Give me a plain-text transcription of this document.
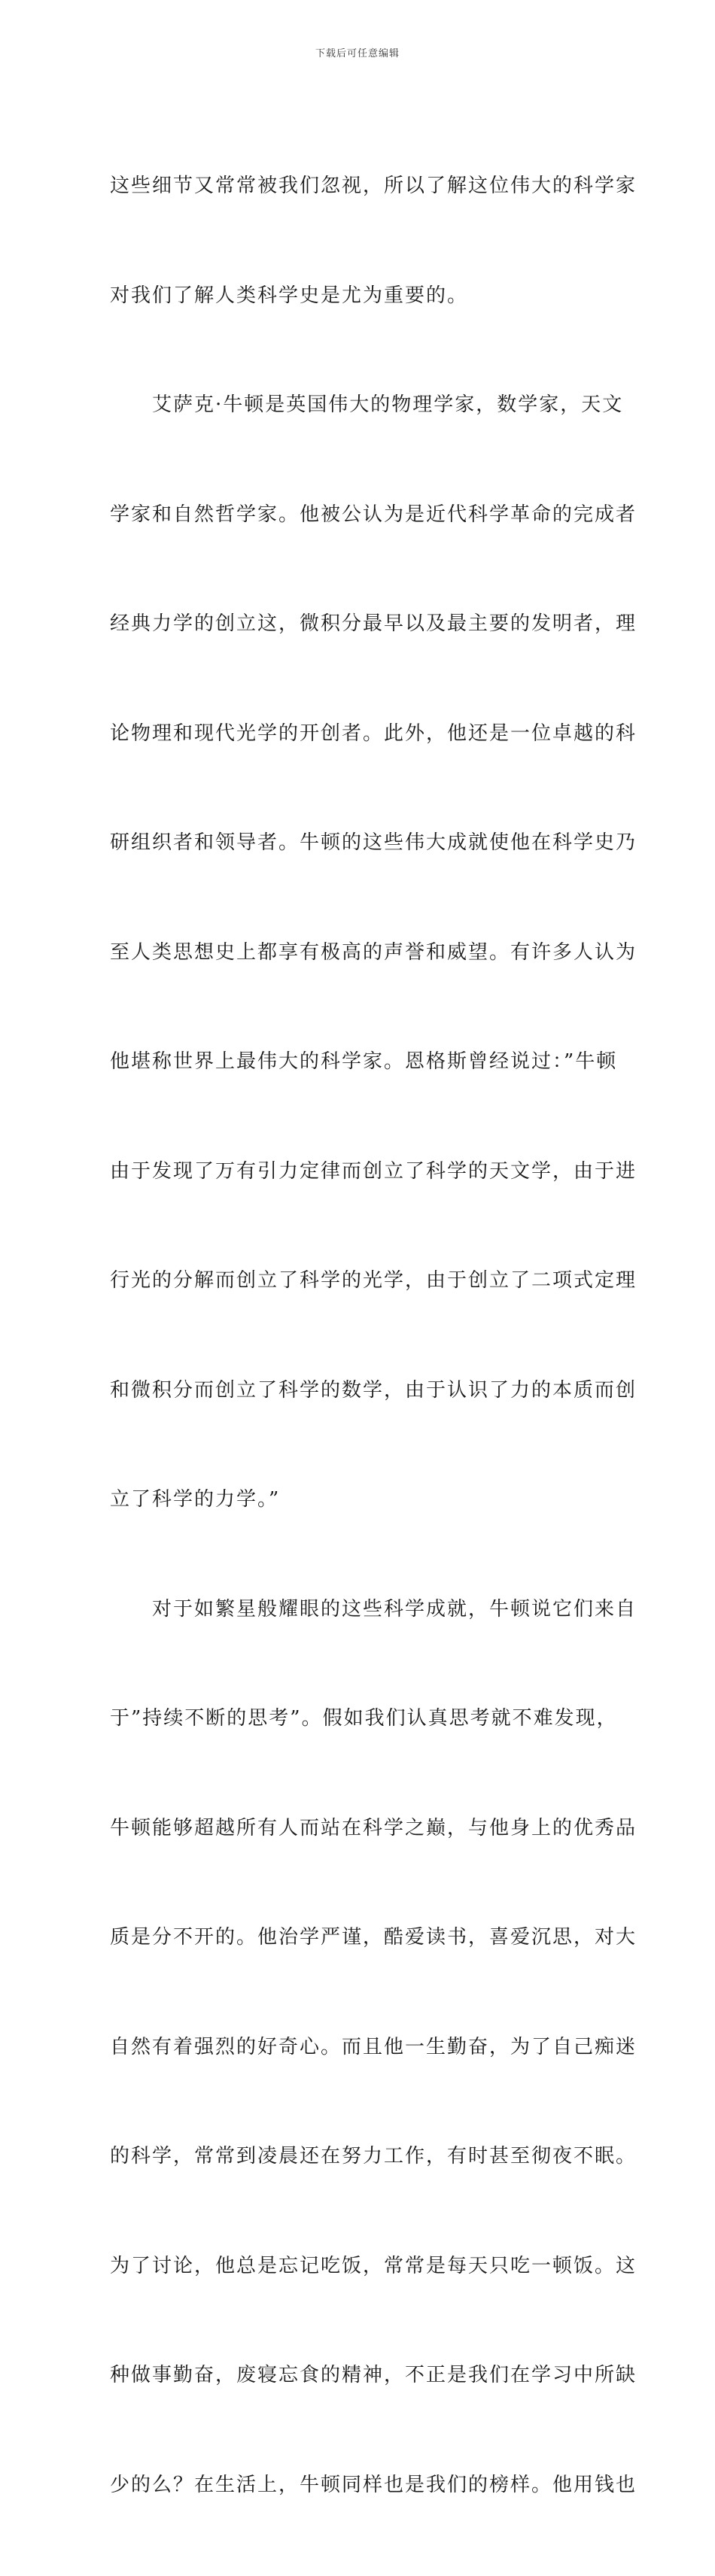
下载后可任意编辑

这些细节又常常被我们忽视，所以了解这位伟大的科学家

对我们了解人类科学史是尤为重要的。

　　艾萨克·牛顿是英国伟大的物理学家，数学家，天文

学家和自然哲学家。他被公认为是近代科学革命的完成者

经典力学的创立这，微积分最早以及最主要的发明者，理

论物理和现代光学的开创者。此外，他还是一位卓越的科

研组织者和领导者。牛顿的这些伟大成就使他在科学史乃

至人类思想史上都享有极高的声誉和威望。有许多人认为

他堪称世界上最伟大的科学家。恩格斯曾经说过：”牛顿

由于发现了万有引力定律而创立了科学的天文学，由于进

行光的分解而创立了科学的光学，由于创立了二项式定理

和微积分而创立了科学的数学，由于认识了力的本质而创

立了科学的力学。”

　　对于如繁星般耀眼的这些科学成就，牛顿说它们来自

于”持续不断的思考”。假如我们认真思考就不难发现，

牛顿能够超越所有人而站在科学之巅，与他身上的优秀品

质是分不开的。他治学严谨，酷爱读书，喜爱沉思，对大

自然有着强烈的好奇心。而且他一生勤奋，为了自己痴迷

的科学，常常到凌晨还在努力工作，有时甚至彻夜不眠。

为了讨论，他总是忘记吃饭，常常是每天只吃一顿饭。这

种做事勤奋，废寝忘食的精神，不正是我们在学习中所缺

少的么？在生活上，牛顿同样也是我们的榜样。他用钱也
